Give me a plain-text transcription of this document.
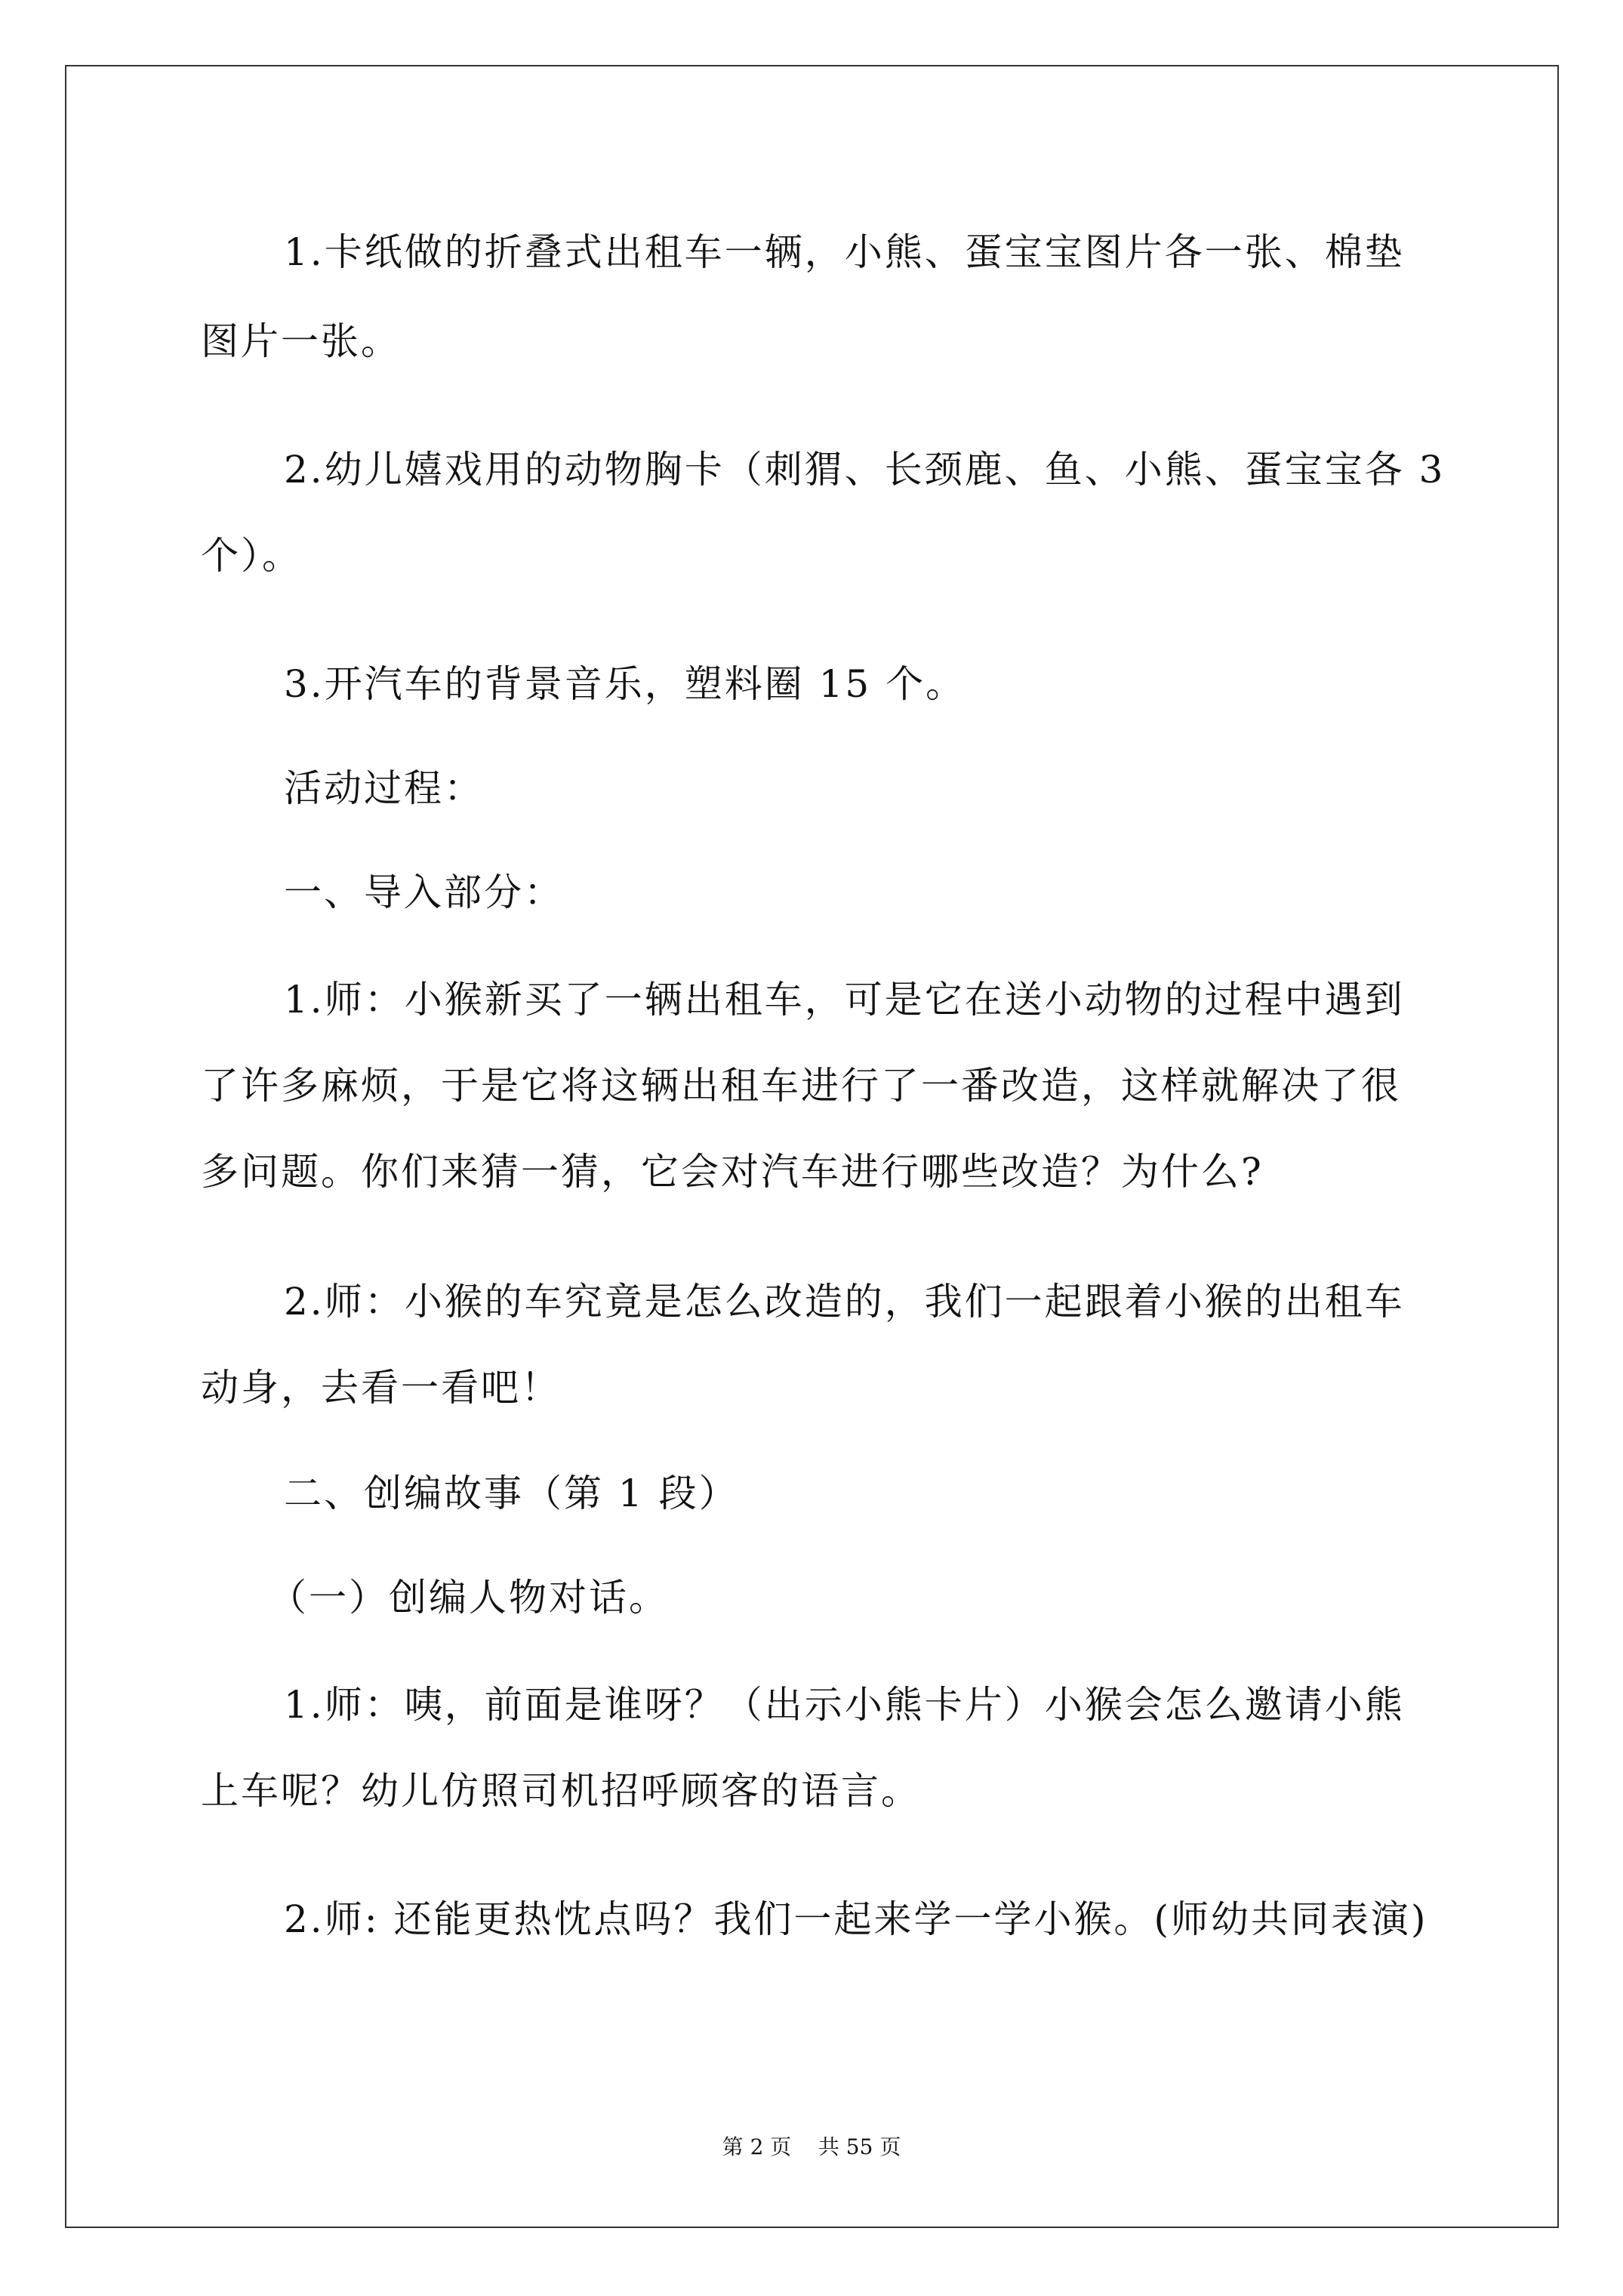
1.卡纸做的折叠式出租车一辆，小熊、蛋宝宝图片各一张、棉垫

图片一张。

2.幼儿嬉戏用的动物胸卡（刺猬、长颈鹿、鱼、小熊、蛋宝宝各 3

个）。

3.开汽车的背景音乐，塑料圈 15 个。

活动过程：

一、导入部分：

1.师：小猴新买了一辆出租车，可是它在送小动物的过程中遇到

了许多麻烦，于是它将这辆出租车进行了一番改造，这样就解决了很

多问题。你们来猜一猜，它会对汽车进行哪些改造？为什么?

2.师：小猴的车究竟是怎么改造的，我们一起跟着小猴的出租车

动身，去看一看吧！

二、创编故事（第 1 段）

（一）创编人物对话。

1.师：咦，前面是谁呀？（出示小熊卡片）小猴会怎么邀请小熊

上车呢？幼儿仿照司机招呼顾客的语言。

2.师: 还能更热忱点吗？我们一起来学一学小猴。(师幼共同表演)

第 2 页    共 55 页
